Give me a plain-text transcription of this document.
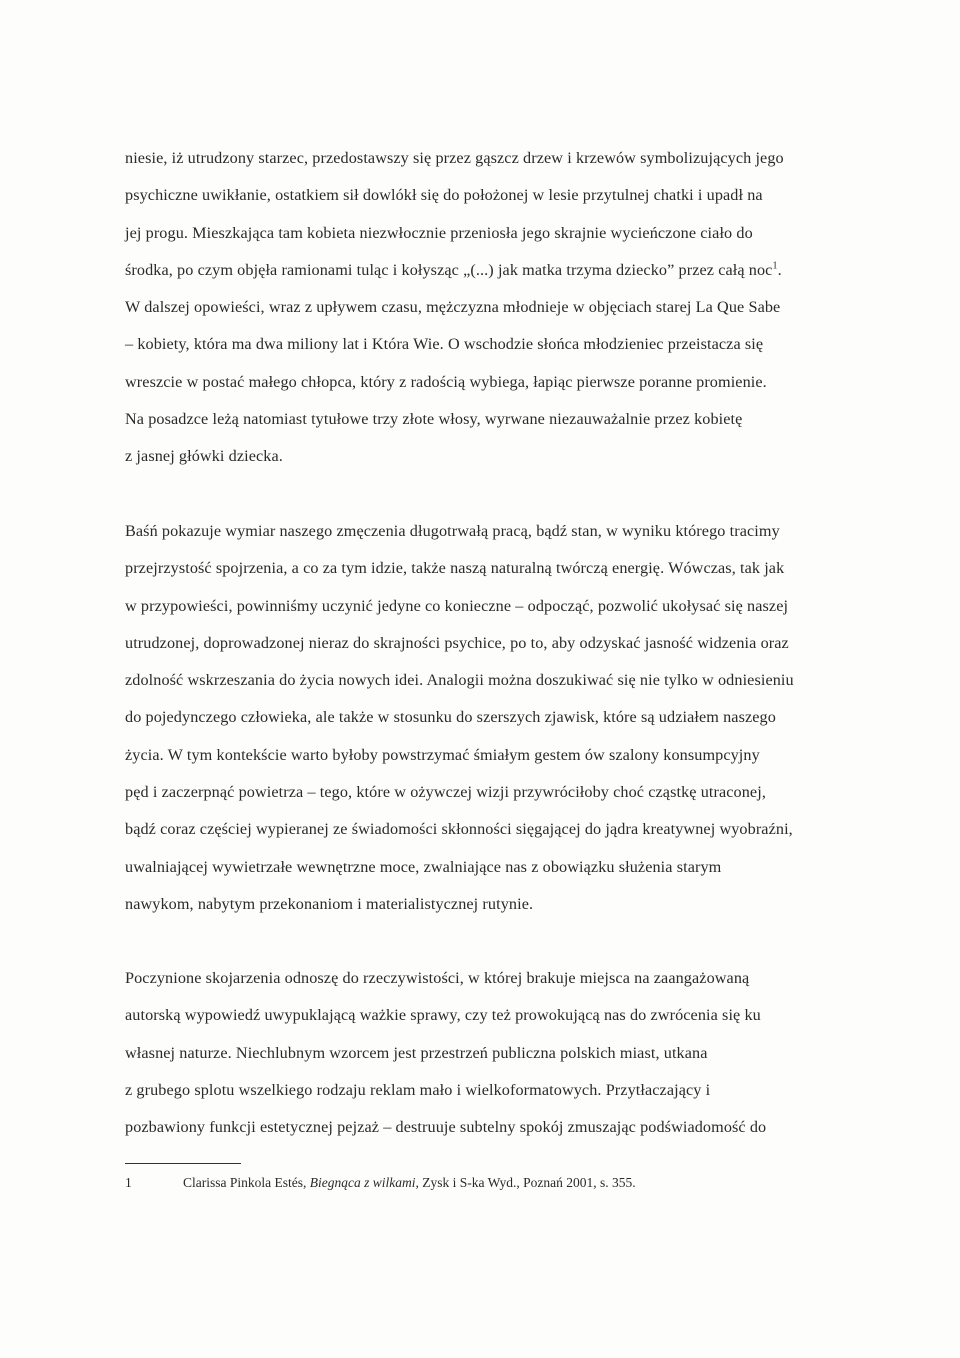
niesie, iż utrudzony starzec, przedostawszy się przez gąszcz drzew i krzewów symbolizujących jego
psychiczne uwikłanie, ostatkiem sił dowlókł się do położonej w lesie przytulnej chatki i upadł na
jej progu. Mieszkająca tam kobieta niezwłocznie przeniosła jego skrajnie wycieńczone ciało do
środka, po czym objęła ramionami tuląc i kołysząc „(...) jak matka trzyma dziecko” przez całą noc$^1$.
W dalszej opowieści, wraz z upływem czasu, mężczyzna młodnieje w objęciach starej La Que Sabe
– kobiety, która ma dwa miliony lat i Która Wie. O wschodzie słońca młodzieniec przeistacza się
wreszcie w postać małego chłopca, który z radością wybiega, łapiąc pierwsze poranne promienie.
Na posadzce leżą natomiast tytułowe trzy złote włosy, wyrwane niezauważalnie przez kobietę
z jasnej główki dziecka.

Baśń pokazuje wymiar naszego zmęczenia długotrwałą pracą, bądź stan, w wyniku którego tracimy
przejrzystość spojrzenia, a co za tym idzie, także naszą naturalną twórczą energię. Wówczas, tak jak
w przypowieści, powinniśmy uczynić jedyne co konieczne – odpocząć, pozwolić ukołysać się naszej
utrudzonej, doprowadzonej nieraz do skrajności psychice, po to, aby odzyskać jasność widzenia oraz
zdolność wskrzeszania do życia nowych idei. Analogii można doszukiwać się nie tylko w odniesieniu
do pojedynczego człowieka, ale także w stosunku do szerszych zjawisk, które są udziałem naszego
życia. W tym kontekście warto byłoby powstrzymać śmiałym gestem ów szalony konsumpcyjny
pęd i zaczerpnąć powietrza – tego, które w ożywczej wizji przywróciłoby choć cząstkę utraconej,
bądź coraz częściej wypieranej ze świadomości skłonności sięgającej do jądra kreatywnej wyobraźni,
uwalniającej wywietrzałe wewnętrzne moce, zwalniające nas z obowiązku służenia starym
nawykom, nabytym przekonaniom i materialistycznej rutynie.

Poczynione skojarzenia odnoszę do rzeczywistości, w której brakuje miejsca na zaangażowaną
autorską wypowiedź uwypuklającą ważkie sprawy, czy też prowokującą nas do zwrócenia się ku
własnej naturze. Niechlubnym wzorcem jest przestrzeń publiczna polskich miast, utkana
z grubego splotu wszelkiego rodzaju reklam mało i wielkoformatowych. Przytłaczający i
pozbawiony funkcji estetycznej pejzaż – destruuje subtelny spokój zmuszając podświadomość do

1	Clarissa Pinkola Estés, Biegnąca z wilkami, Zysk i S-ka Wyd., Poznań 2001, s. 355.
